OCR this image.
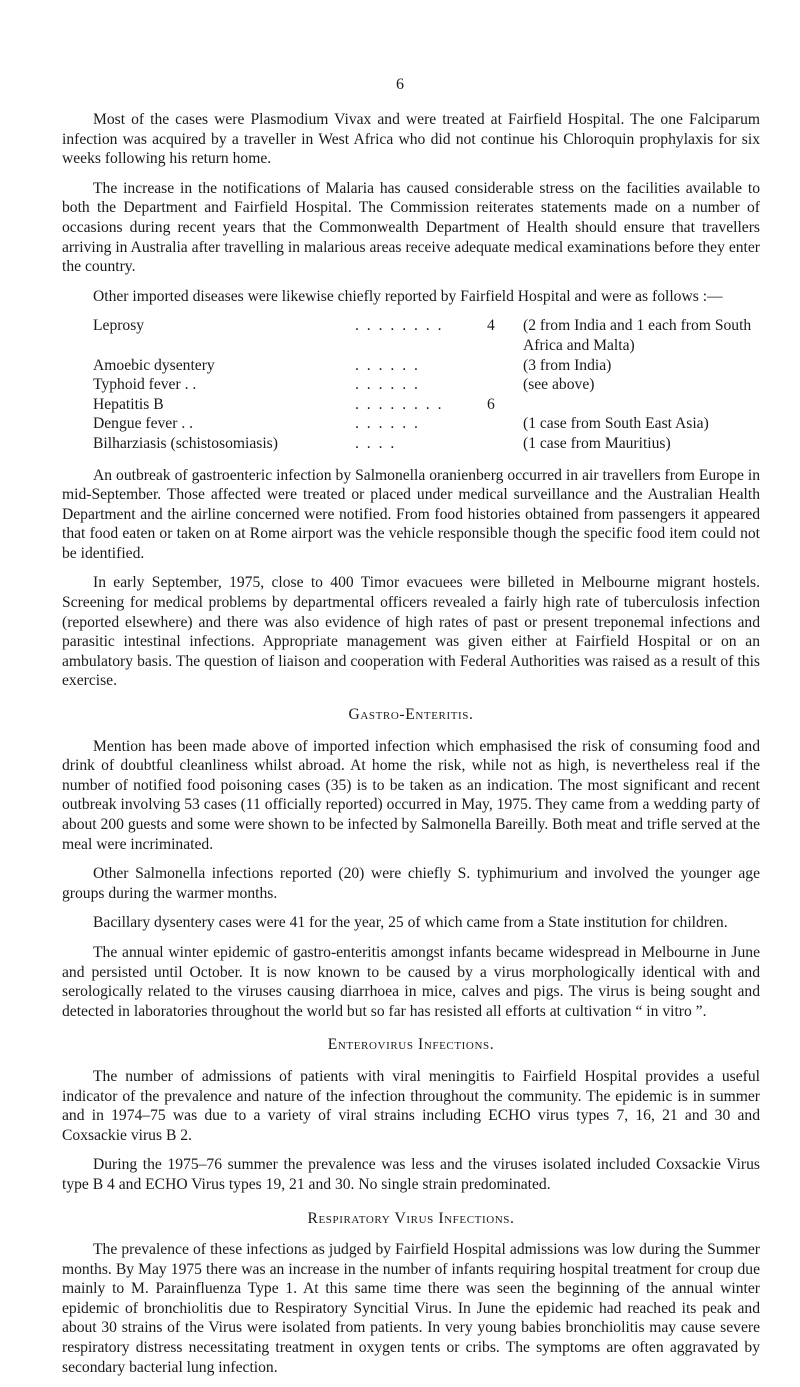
6

Most of the cases were Plasmodium Vivax and were treated at Fairfield Hospital. The one Falciparum infection was acquired by a traveller in West Africa who did not continue his Chloroquin prophylaxis for six weeks following his return home.

The increase in the notifications of Malaria has caused considerable stress on the facilities available to both the Department and Fairfield Hospital. The Commission reiterates statements made on a number of occasions during recent years that the Commonwealth Department of Health should ensure that travellers arriving in Australia after travelling in malarious areas receive adequate medical examinations before they enter the country.

Other imported diseases were likewise chiefly reported by Fairfield Hospital and were as follows :—

Leprosy	. . . . . . . .	4	(2 from India and 1 each from South Africa and Malta)
Amoebic dysentery	. . . . . .		(3 from India)
Typhoid fever . .	. . . . . .		(see above)
Hepatitis B	. . . . . . . .	6	
Dengue fever . .	. . . . . .		(1 case from South East Asia)
Bilharziasis (schistosomiasis)	. . . .		(1 case from Mauritius)

An outbreak of gastroenteric infection by Salmonella oranienberg occurred in air travellers from Europe in mid-September. Those affected were treated or placed under medical surveillance and the Australian Health Department and the airline concerned were notified. From food histories obtained from passengers it appeared that food eaten or taken on at Rome airport was the vehicle responsible though the specific food item could not be identified.

In early September, 1975, close to 400 Timor evacuees were billeted in Melbourne migrant hostels. Screening for medical problems by departmental officers revealed a fairly high rate of tuberculosis infection (reported elsewhere) and there was also evidence of high rates of past or present treponemal infections and parasitic intestinal infections. Appropriate management was given either at Fairfield Hospital or on an ambulatory basis. The question of liaison and cooperation with Federal Authorities was raised as a result of this exercise.

Gastro-Enteritis.

Mention has been made above of imported infection which emphasised the risk of consuming food and drink of doubtful cleanliness whilst abroad. At home the risk, while not as high, is nevertheless real if the number of notified food poisoning cases (35) is to be taken as an indication. The most significant and recent outbreak involving 53 cases (11 officially reported) occurred in May, 1975. They came from a wedding party of about 200 guests and some were shown to be infected by Salmonella Bareilly. Both meat and trifle served at the meal were incriminated.

Other Salmonella infections reported (20) were chiefly S. typhimurium and involved the younger age groups during the warmer months.

Bacillary dysentery cases were 41 for the year, 25 of which came from a State institution for children.

The annual winter epidemic of gastro-enteritis amongst infants became widespread in Melbourne in June and persisted until October. It is now known to be caused by a virus morphologically identical with and serologically related to the viruses causing diarrhoea in mice, calves and pigs. The virus is being sought and detected in laboratories throughout the world but so far has resisted all efforts at cultivation “ in vitro ”.

Enterovirus Infections.

The number of admissions of patients with viral meningitis to Fairfield Hospital provides a useful indicator of the prevalence and nature of the infection throughout the community. The epidemic is in summer and in 1974–75 was due to a variety of viral strains including ECHO virus types 7, 16, 21 and 30 and Coxsackie virus B 2.

During the 1975–76 summer the prevalence was less and the viruses isolated included Coxsackie Virus type B 4 and ECHO Virus types 19, 21 and 30. No single strain predominated.

Respiratory Virus Infections.

The prevalence of these infections as judged by Fairfield Hospital admissions was low during the Summer months. By May 1975 there was an increase in the number of infants requiring hospital treatment for croup due mainly to M. Parainfluenza Type 1. At this same time there was seen the beginning of the annual winter epidemic of bronchiolitis due to Respiratory Syncitial Virus. In June the epidemic had reached its peak and about 30 strains of the Virus were isolated from patients. In very young babies bronchiolitis may cause severe respiratory distress necessitating treatment in oxygen tents or cribs. The symptoms are often aggravated by secondary bacterial lung infection.
